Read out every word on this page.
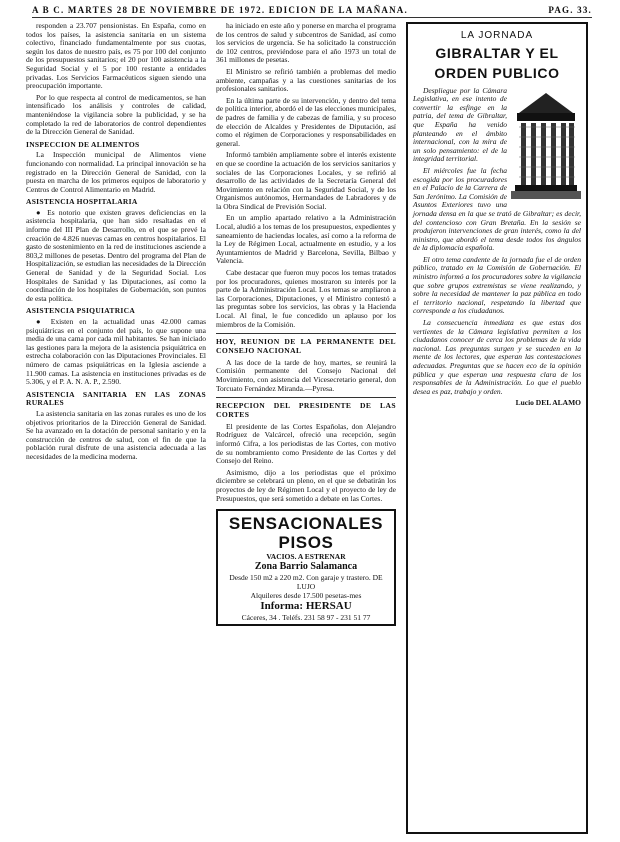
A B C. MARTES 28 DE NOVIEMBRE DE 1972. EDICION DE LA MAÑANA.	PAG. 33.

responden a 23.707 pensionistas. En España, como en todos los países, la asistencia sanitaria en un sistema colectivo, financiado fundamentalmente por sus cuotas, según los datos de nuestro país, es 75 por 100 del conjunto de los presupuestos sanitarios; el 20 por 100 asistencia a la Seguridad Social y el 5 por 100 restante a entidades privadas. Los Servicios Farmacéuticos siguen siendo una preocupación importante.

Por lo que respecta al control de medicamentos, se han intensificado los análisis y controles de calidad, manteniéndose la vigilancia sobre la publicidad, y se ha completado la red de laboratorios de control dependientes de la Dirección General de Sanidad.

INSPECCION DE ALIMENTOS

La Inspección municipal de Alimentos viene funcionando con normalidad. La principal innovación se ha registrado en la Dirección General de Sanidad, con la puesta en marcha de los primeros equipos de laboratorio y Centros de Control Alimentario en Madrid.

ASISTENCIA HOSPITALARIA

● Es notorio que existen graves deficiencias en la asistencia hospitalaria, que han sido resaltadas en el informe del III Plan de Desarrollo, en el que se prevé la creación de 4.826 nuevas camas en centros hospitalarios. El gasto de sostenimiento en la red de instituciones asciende a 803,2 millones de pesetas. Dentro del programa del Plan de Hospitalización, se estudian las necesidades de la Dirección General de Sanidad y de la Seguridad Social. Los Hospitales de Sanidad y las Diputaciones, así como la coordinación de los hospitales de Gobernación, son puntos de esta política.

ASISTENCIA PSIQUIATRICA

● Existen en la actualidad unas 42.000 camas psiquiátricas en el conjunto del país, lo que supone una media de una cama por cada mil habitantes. Se han iniciado las gestiones para la mejora de la asistencia psiquiátrica en estrecha colaboración con las Diputaciones Provinciales. El número de camas psiquiátricas en la Iglesia asciende a 11.900 camas. La asistencia en instituciones privadas es de 5.306, y el P. A. N. A. P., 2.590.

ASISTENCIA SANITARIA EN LAS ZONAS RURALES

La asistencia sanitaria en las zonas rurales es uno de los objetivos prioritarios de la Dirección General de Sanidad. Se ha avanzado en la dotación de personal sanitario y en la construcción de centros de salud, con el fin de que la población rural disfrute de una asistencia adecuada a las necesidades de la medicina moderna.

ha iniciado en este año y ponerse en marcha el programa de los centros de salud y subcentros de Sanidad, así como los servicios de urgencia. Se ha solicitado la construcción de 102 centros, previéndose para el año 1973 un total de 361 millones de pesetas.

El Ministro se refirió también a problemas del medio ambiente, campañas y a las cuestiones sanitarias de los profesionales sanitarios.

En la última parte de su intervención, y dentro del tema de política interior, abordó el de las elecciones municipales, de padres de familia y de cabezas de familia, y su proceso de elección de Alcaldes y Presidentes de Diputación, así como el régimen de Corporaciones y responsabilidades en general.

Informó también ampliamente sobre el interés existente en que se coordine la actuación de los servicios sanitarios y sociales de las Corporaciones Locales, y se refirió al desarrollo de las actividades de la Secretaría General del Movimiento en relación con la Seguridad Social, y de los Organismos autónomos, Hermandades de Labradores y de la Obra Sindical de Previsión Social.

En un amplio apartado relativo a la Administración Local, aludió a los temas de los presupuestos, expedientes y saneamiento de haciendas locales, así como a la reforma de la Ley de Régimen Local, actualmente en estudio, y a los Ayuntamientos de Madrid y Barcelona, Sevilla, Bilbao y Valencia.

Cabe destacar que fueron muy pocos los temas tratados por los procuradores, quienes mostraron su interés por la parte de la Administración Local. Los temas se ampliaron a las Corporaciones, Diputaciones, y el Ministro contestó a las preguntas sobre los servicios, las obras y la Hacienda Local. Al final, le fue concedido un aplauso por los miembros de la Comisión.

HOY, REUNION DE LA PERMANENTE DEL CONSEJO NACIONAL

A las doce de la tarde de hoy, martes, se reunirá la Comisión permanente del Consejo Nacional del Movimiento, con asistencia del Vicesecretario general, don Torcuato Fernández Miranda.—Pyresa.

RECEPCION DEL PRESIDENTE DE LAS CORTES

El presidente de las Cortes Españolas, don Alejandro Rodríguez de Valcárcel, ofreció una recepción, según informó Cifra, a los periodistas de las Cortes, con motivo de su nombramiento como Presidente de las Cortes y del Consejo del Reino.

Asimismo, dijo a los periodistas que el próximo diciembre se celebrará un pleno, en el que se debatirán los proyectos de ley de Régimen Local y el proyecto de ley de Presupuestos, que será sometido a debate en las Cortes.

SENSACIONALES PISOS

VACIOS. A ESTRENAR

Zona Barrio Salamanca

Desde 150 m2 a 220 m2. Con garaje y trastero. DE LUJO

Alquileres desde 17.500 pesetas-mes

Informa: HERSAU

Cáceres, 34 . Teléfs. 231 58 97 - 231 51 77

LA JORNADA
GIBRALTAR Y EL ORDEN PUBLICO

Despliegue por la Cámara Legislativa, en ese intento de convertir la esfinge en la patria, del tema de Gibraltar, que España ha venido planteando en el ámbito internacional, con la mira de un solo pensamiento: el de la integridad territorial.

El miércoles fue la fecha escogida por los procuradores en el Palacio de la Carrera de San Jerónimo. La Comisión de Asuntos Exteriores tuvo una jornada densa en la que se trató de Gibraltar; es decir, del contencioso con Gran Bretaña. En la sesión se produjeron intervenciones de gran interés, como la del ministro, que abordó el tema desde todos los ángulos de la diplomacia española.

El otro tema candente de la jornada fue el de orden público, tratado en la Comisión de Gobernación. El ministro informó a los procuradores sobre la vigilancia que sobre grupos extremistas se viene realizando, y sobre la necesidad de mantener la paz pública en todo el territorio nacional, respetando la libertad que corresponde a los ciudadanos.

La consecuencia inmediata es que estas dos vertientes de la Cámara legislativa permiten a los ciudadanos conocer de cerca los problemas de la vida nacional. Las preguntas surgen y se suceden en la mente de los lectores, que esperan las contestaciones adecuadas. Preguntas que se hacen eco de la opinión pública y que esperan una respuesta clara de los responsables de la Administración. Lo que el pueblo desea es paz, trabajo y orden.

Lucio DEL ALAMO
